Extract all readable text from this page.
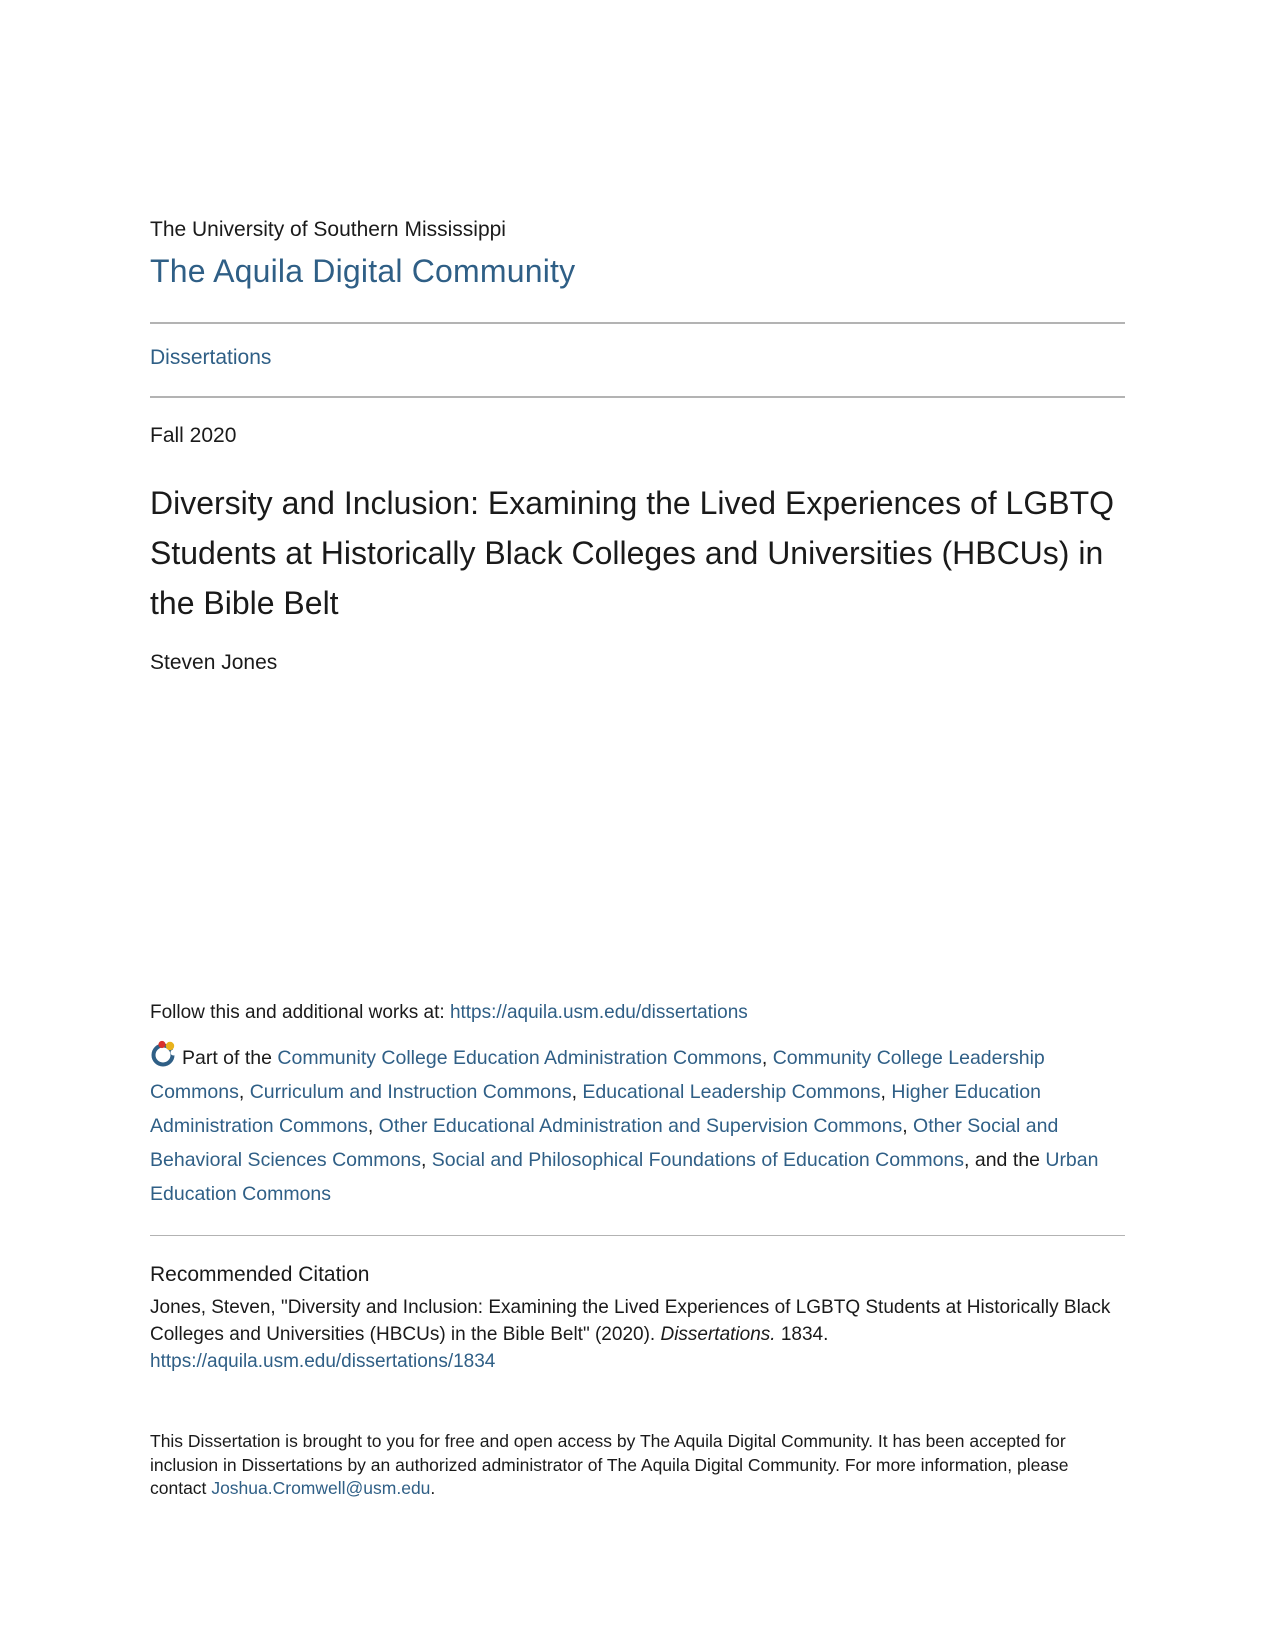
The University of Southern Mississippi
The Aquila Digital Community
Dissertations
Fall 2020
Diversity and Inclusion: Examining the Lived Experiences of LGBTQ Students at Historically Black Colleges and Universities (HBCUs) in the Bible Belt
Steven Jones
Follow this and additional works at: https://aquila.usm.edu/dissertations
Part of the Community College Education Administration Commons, Community College Leadership Commons, Curriculum and Instruction Commons, Educational Leadership Commons, Higher Education Administration Commons, Other Educational Administration and Supervision Commons, Other Social and Behavioral Sciences Commons, Social and Philosophical Foundations of Education Commons, and the Urban Education Commons
Recommended Citation
Jones, Steven, "Diversity and Inclusion: Examining the Lived Experiences of LGBTQ Students at Historically Black Colleges and Universities (HBCUs) in the Bible Belt" (2020). Dissertations. 1834.
https://aquila.usm.edu/dissertations/1834
This Dissertation is brought to you for free and open access by The Aquila Digital Community. It has been accepted for inclusion in Dissertations by an authorized administrator of The Aquila Digital Community. For more information, please contact Joshua.Cromwell@usm.edu.
